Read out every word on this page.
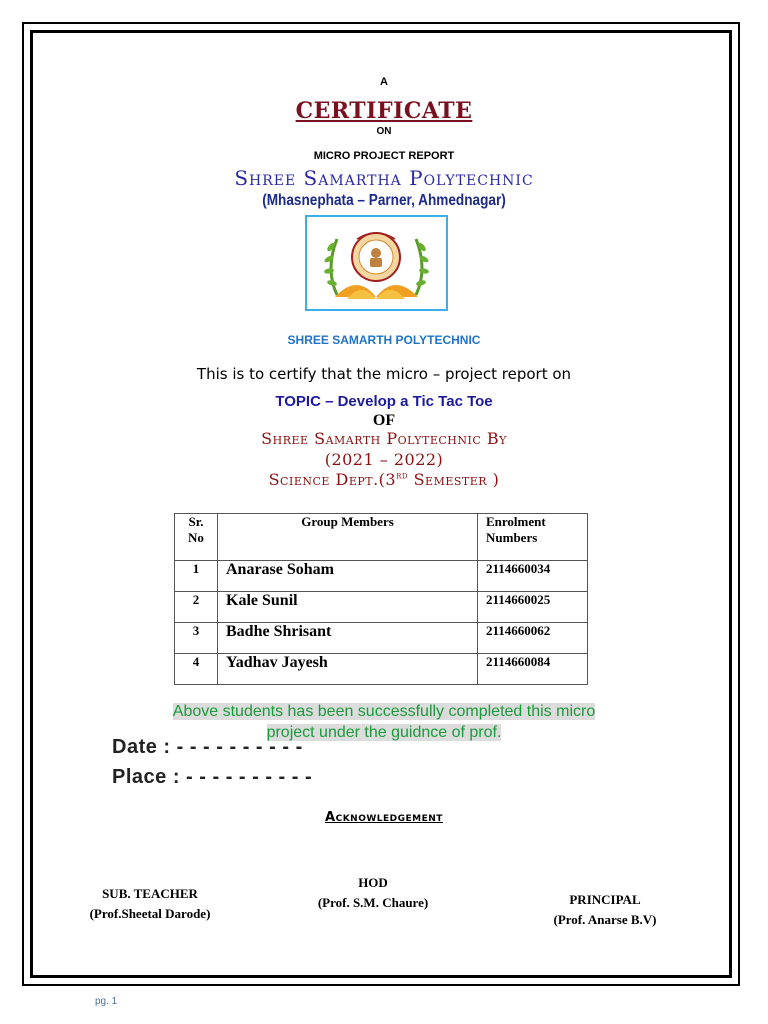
A
CERTIFICATE
ON
MICRO PROJECT REPORT
Shree Samartha Polytechnic
(Mhasnephata – Parner, Ahmednagar)
SHREE SAMARTH POLYTECHNIC
This is to certify that the micro – project report on
TOPIC – Develop a Tic Tac Toe
OF
Shree Samarth Polytechnic By
(2021 – 2022)
Science Dept.(3rd Semester )
Sr. No	Group Members	Enrolment Numbers
1	Anarase Soham	2114660034
2	Kale Sunil	2114660025
3	Badhe Shrisant	2114660062
4	Yadhav Jayesh	2114660084
Above students has been successfully completed this micro
project under the guidnce of prof.
Date : - - - - - - - - - -
Place : - - - - - - - - - -
Acknowledgement
SUB. TEACHER
(Prof.Sheetal Darode)
HOD
(Prof. S.M. Chaure)	PRINCIPAL
(Prof. Anarse B.V)
pg. 1
